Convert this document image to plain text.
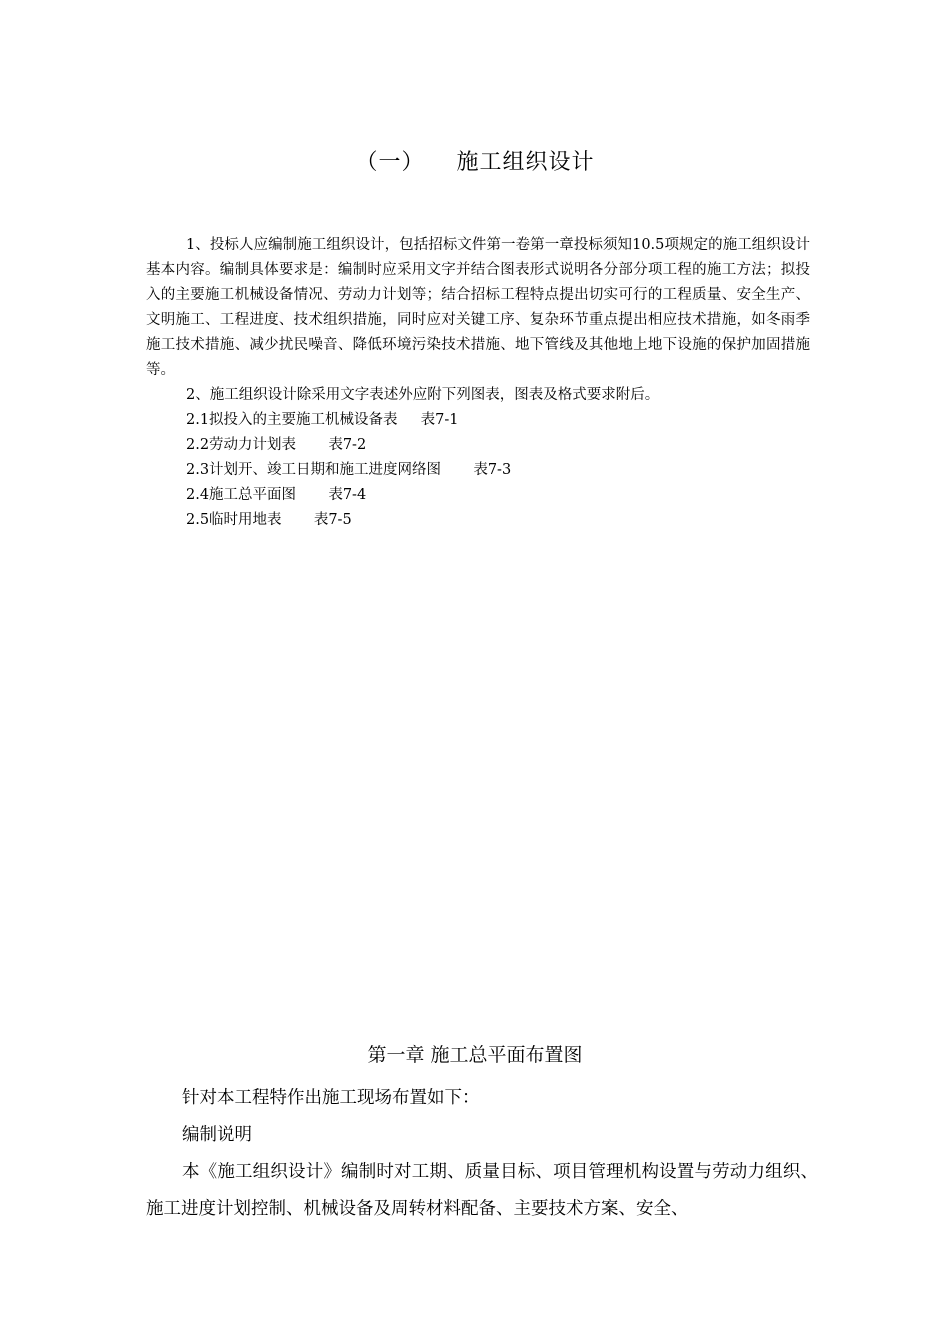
（一）    施工组织设计

1、投标人应编制施工组织设计，包括招标文件第一卷第一章投标须知10.5项规定的施工组织设计基本内容。编制具体要求是：编制时应采用文字并结合图表形式说明各分部分项工程的施工方法；拟投入的主要施工机械设备情况、劳动力计划等；结合招标工程特点提出切实可行的工程质量、安全生产、文明施工、工程进度、技术组织措施，同时应对关键工序、复杂环节重点提出相应技术措施，如冬雨季施工技术措施、减少扰民噪音、降低环境污染技术措施、地下管线及其他地上地下设施的保护加固措施等。

2、施工组织设计除采用文字表述外应附下列图表，图表及格式要求附后。

2.1拟投入的主要施工机械设备表     表7-1

2.2劳动力计划表       表7-2

2.3计划开、竣工日期和施工进度网络图       表7-3

2.4施工总平面图       表7-4

2.5临时用地表       表7-5

第一章 施工总平面布置图

针对本工程特作出施工现场布置如下：

编制说明

本《施工组织设计》编制时对工期、质量目标、项目管理机构设置与劳动力组织、施工进度计划控制、机械设备及周转材料配备、主要技术方案、安全、
